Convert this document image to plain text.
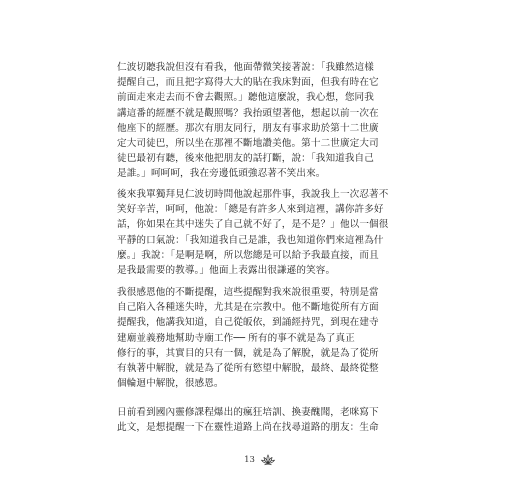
仁波切聽我說但沒有看我，他面帶微笑接著說：「我雖然這樣
提醒自己，而且把字寫得大大的貼在我床對面，但我有時在它
前面走來走去而不會去觀照。」聽他這麼說，我心想，您同我
講這番的經歷不就是觀照嗎？我抬頭望著他，想起以前一次在
他座下的經歷。那次有朋友同行，朋友有事求助於第十二世廣
定大司徒巴，所以坐在那裡不斷地讚美他。第十二世廣定大司
徒巴最初有聽，後來他把朋友的話打斷，說：「我知道我自己
是誰。」呵呵呵，我在旁邊低頭強忍著不笑出來。
後來我單獨拜見仁波切時問他說起那件事，我說我上一次忍著不
笑好辛苦，呵呵，他說：「總是有許多人來到這裡，講你許多好
話，你如果在其中迷失了自己就不好了，是不是？」他以一個很
平靜的口氣說：「我知道我自己是誰，我也知道你們來這裡為什
麼。」我說：「是啊是啊，所以您總是可以給予我最直接，而且
是我最需要的教導。」他面上表露出很謙遜的笑容。
我很感恩他的不斷提醒，這些提醒對我來說很重要，特別是當
自己陷入各種迷失時，尤其是在宗教中。他不斷地從所有方面
提醒我，他講我知道，自己從皈依，到誦經持咒，到現在建寺
建廟並義務地幫助寺廟工作── 所有的事不就是為了真正
修行的事，其實目的只有一個，就是為了解脫，就是為了從所
有執著中解脫，就是為了從所有慾望中解脫，最終、最終從整
個輪迴中解脫，很感恩。
日前看到國內靈修課程爆出的瘋狂培訓、換妻醜聞，老咪寫下
此文，是想提醒一下在靈性道路上尚在找尋道路的朋友：生命
13
